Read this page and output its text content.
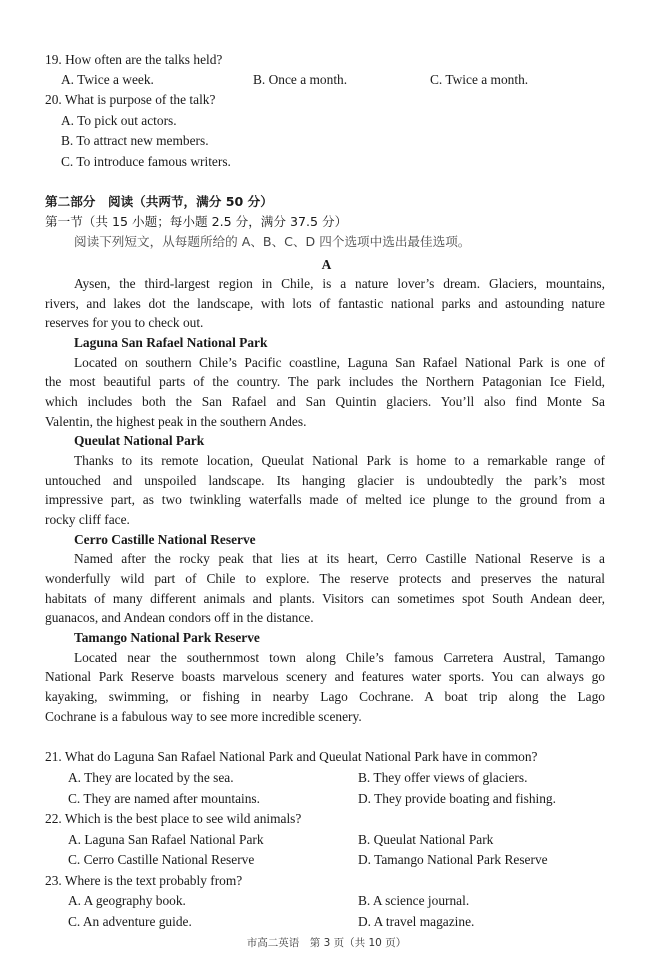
19. How often are the talks held?
A. Twice a week.	B. Once a month.	C. Twice a month.
20. What is purpose of the talk?
A. To pick out actors.
B. To attract new members.
C. To introduce famous writers.
第二部分　阅读（共两节，满分 50 分）
第一节（共 15 小题；每小题 2.5 分，满分 37.5 分）
阅读下列短文，从每题所给的 A、B、C、D 四个选项中选出最佳选项。
A
Aysen, the third-largest region in Chile, is a nature lover’s dream. Glaciers, mountains,
rivers, and lakes dot the landscape, with lots of fantastic national parks and astounding nature
reserves for you to check out.
Laguna San Rafael National Park
Located on southern Chile’s Pacific coastline, Laguna San Rafael National Park is one of
the most beautiful parts of the country. The park includes the Northern Patagonian Ice Field,
which includes both the San Rafael and San Quintin glaciers. You’ll also find Monte Sa
Valentin, the highest peak in the southern Andes.
Queulat National Park
Thanks to its remote location, Queulat National Park is home to a remarkable range of
untouched and unspoiled landscape. Its hanging glacier is undoubtedly the park’s most
impressive part, as two twinkling waterfalls made of melted ice plunge to the ground from a
rocky cliff face.
Cerro Castille National Reserve
Named after the rocky peak that lies at its heart, Cerro Castille National Reserve is a
wonderfully wild part of Chile to explore. The reserve protects and preserves the natural
habitats of many different animals and plants. Visitors can sometimes spot South Andean deer,
guanacos, and Andean condors off in the distance.
Tamango National Park Reserve
Located near the southernmost town along Chile’s famous Carretera Austral, Tamango
National Park Reserve boasts marvelous scenery and features water sports. You can always go
kayaking, swimming, or fishing in nearby Lago Cochrane. A boat trip along the Lago
Cochrane is a fabulous way to see more incredible scenery.
21. What do Laguna San Rafael National Park and Queulat National Park have in common?
A. They are located by the sea.	B. They offer views of glaciers.
C. They are named after mountains.	D. They provide boating and fishing.
22. Which is the best place to see wild animals?
A. Laguna San Rafael National Park	B. Queulat National Park
C. Cerro Castille National Reserve	D. Tamango National Park Reserve
23. Where is the text probably from?
A. A geography book.	B. A science journal.
C. An adventure guide.	D. A travel magazine.
市高二英语　第 3 页（共 10 页）
